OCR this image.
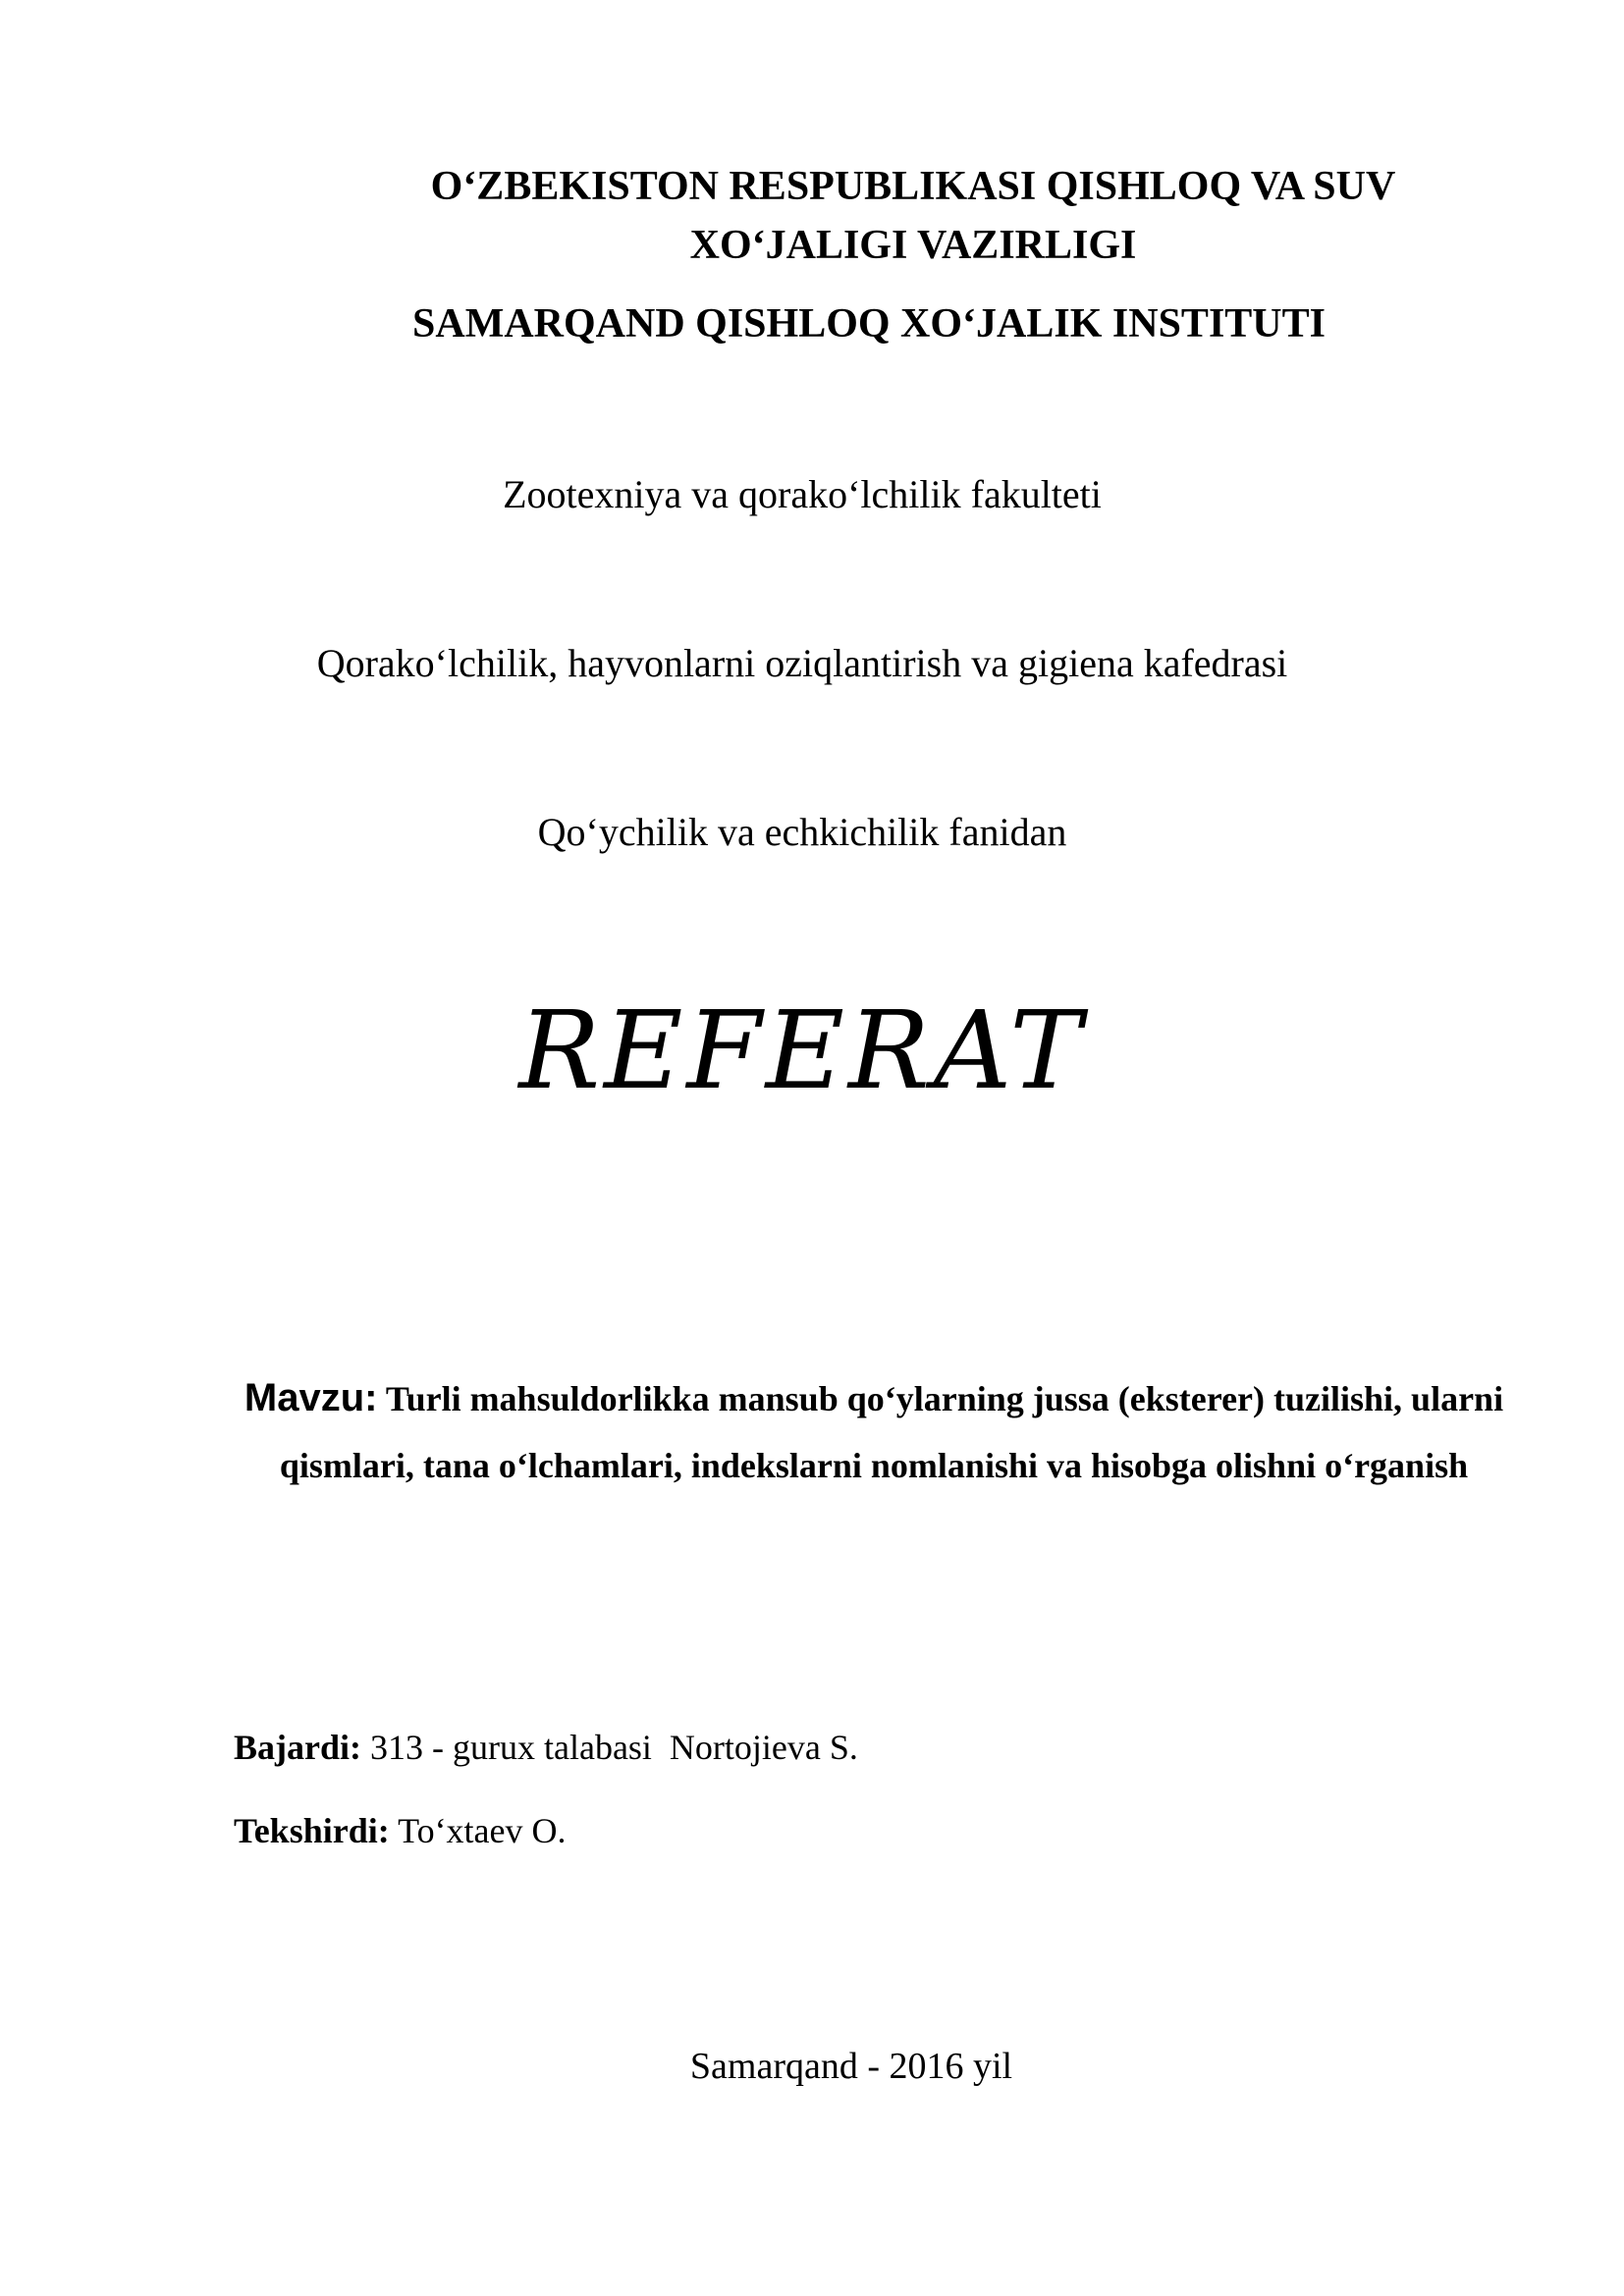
O‘ZBEKISTON RESPUBLIKASI QISHLOQ VA SUV
XO‘JALIGI VAZIRLIGI
SAMARQAND QISHLOQ XO‘JALIK INSTITUTI
Zootexniya va qorako‘lchilik fakulteti
Qorako‘lchilik, hayvonlarni oziqlantirish va gigiena kafedrasi
Qo‘ychilik va echkichilik fanidan
REFERAT
Mavzu: Turli mahsuldorlikka mansub qo‘ylarning jussa (eksterer) tuzilishi, ularni qismlari, tana o‘lchamlari, indekslarni nomlanishi va hisobga olishni o‘rganish
Bajardi: 313 - gurux talabasi  Nortojieva S.
Tekshirdi: To‘xtaev O.
Samarqand - 2016 yil
